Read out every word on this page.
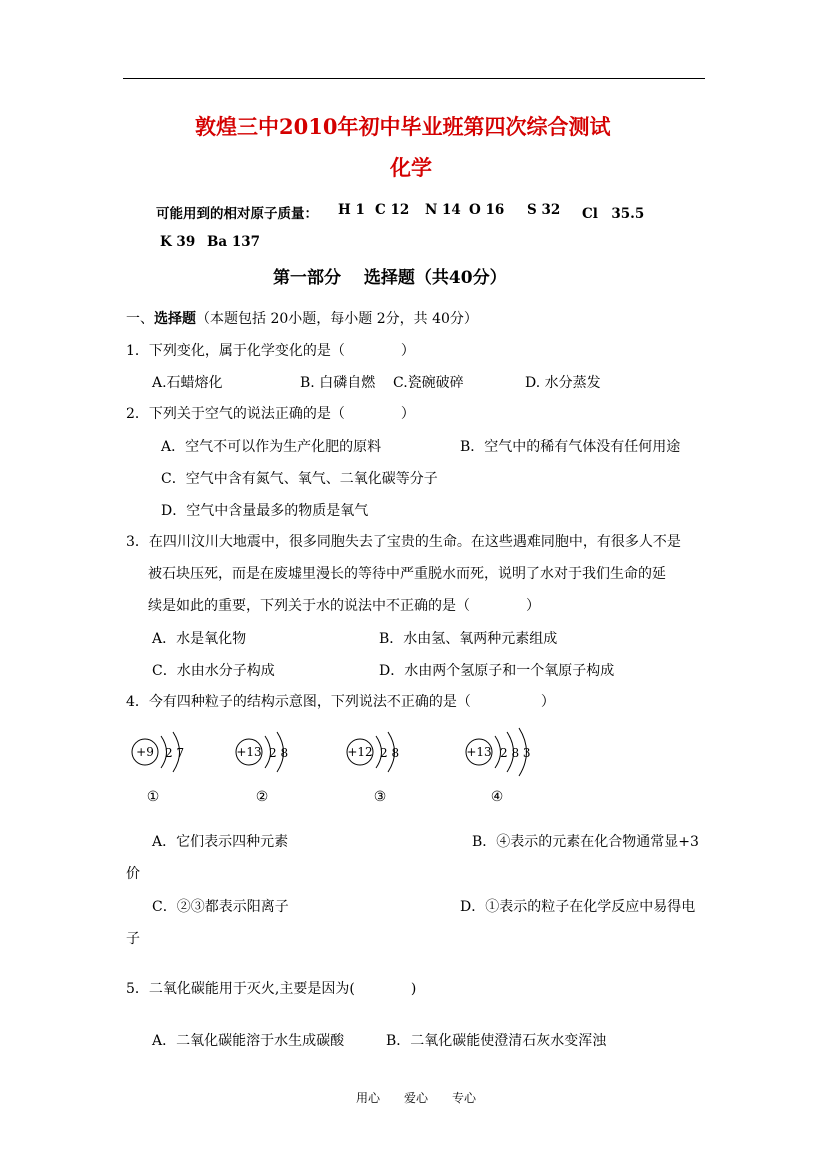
敦煌三中2010年初中毕业班第四次综合测试
化学
可能用到的相对原子质量： H 1 C 12 N 14 O 16 S 32 Cl　35.5
K 39 Ba 137
第一部分　 选择题（共40分）
一、选择题（本题包括 20小题，每小题 2分，共 40分）
1．下列变化，属于化学变化的是（　　　　）
A.石蜡熔化	B. 白磷自燃 C.瓷碗破碎	D. 水分蒸发
2．下列关于空气的说法正确的是（　　　　）
A．空气不可以作为生产化肥的原料	B．空气中的稀有气体没有任何用途
C．空气中含有氮气、氧气、二氧化碳等分子
D．空气中含量最多的物质是氧气
3．在四川汶川大地震中，很多同胞失去了宝贵的生命。在这些遇难同胞中，有很多人不是
被石块压死，而是在废墟里漫长的等待中严重脱水而死，说明了水对于我们生命的延
续是如此的重要，下列关于水的说法中不正确的是（　　　　）
A．水是氧化物	B．水由氢、氧两种元素组成
C．水由水分子构成	D．水由两个氢原子和一个氧原子构成
4．今有四种粒子的结构示意图，下列说法不正确的是（　　　　　）
+9 2 7
①
+13 2 8
②
+12 2 8
③
+13 2 8 3
④
A．它们表示四种元素	B．④表示的元素在化合物通常显+3
价
C．②③都表示阳离子	D．①表示的粒子在化学反应中易得电
子
5．二氧化碳能用于灭火,主要是因为(　　　　)
A．二氧化碳能溶于水生成碳酸	B．二氧化碳能使澄清石灰水变浑浊
用心　　爱心　　专心
